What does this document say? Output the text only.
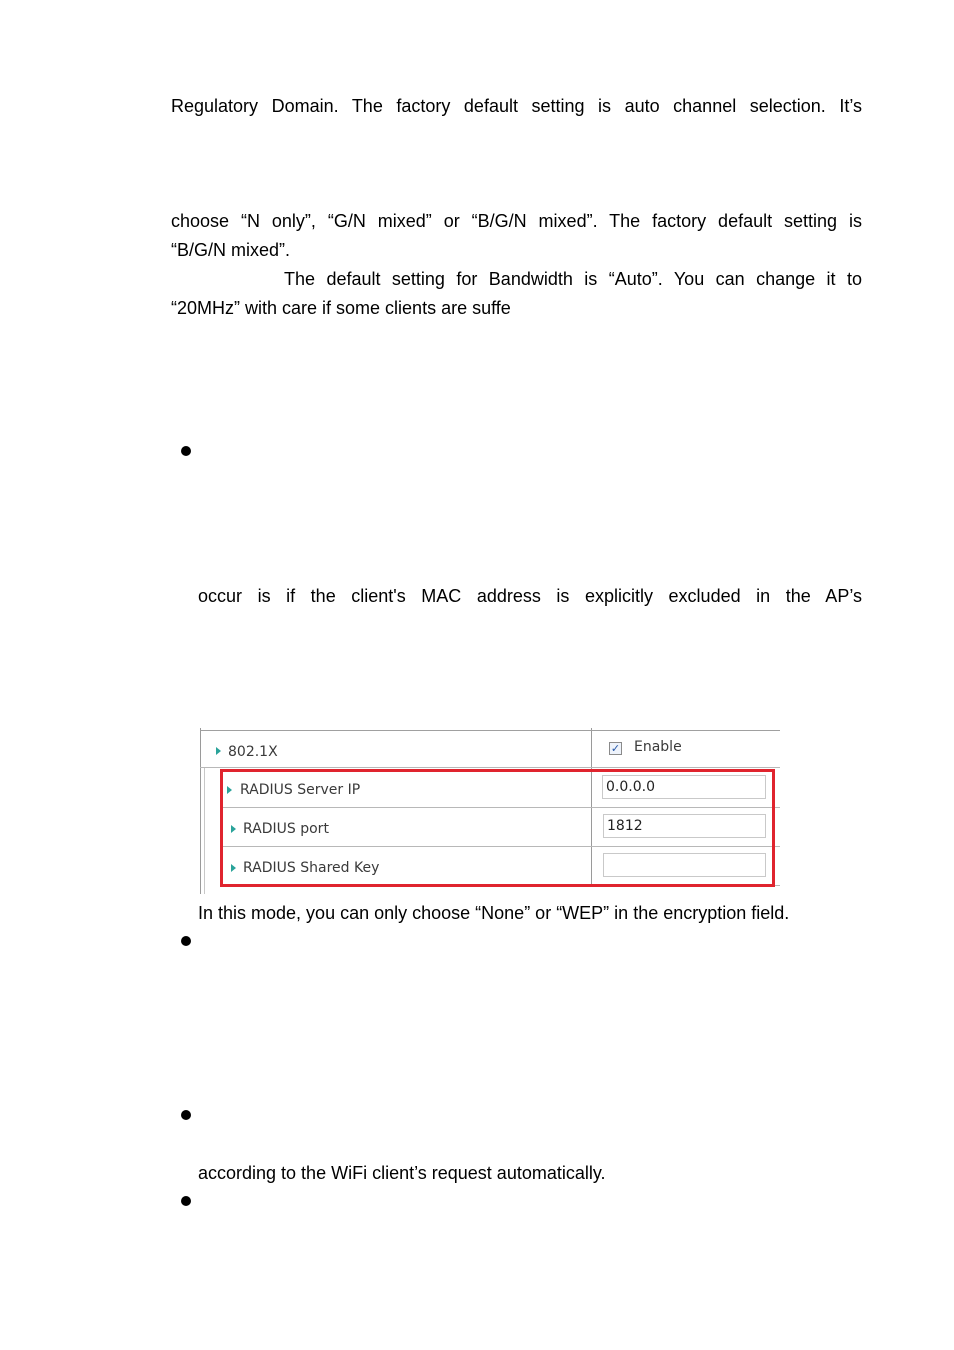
Regulatory Domain. The factory default setting is auto channel selection. It’s
choose “N only”, “G/N mixed” or “B/G/N mixed”. The factory default setting is
“B/G/N mixed”.
The default setting for Bandwidth is “Auto”. You can change it to
“20MHz” with care if some clients are suffe
occur is if the client's MAC address is explicitly excluded in the AP’s
802.1X	✓ Enable
RADIUS Server IP	0.0.0.0
RADIUS port	1812
RADIUS Shared Key
In this mode, you can only choose “None” or “WEP” in the encryption field.
according to the WiFi client’s request automatically.
